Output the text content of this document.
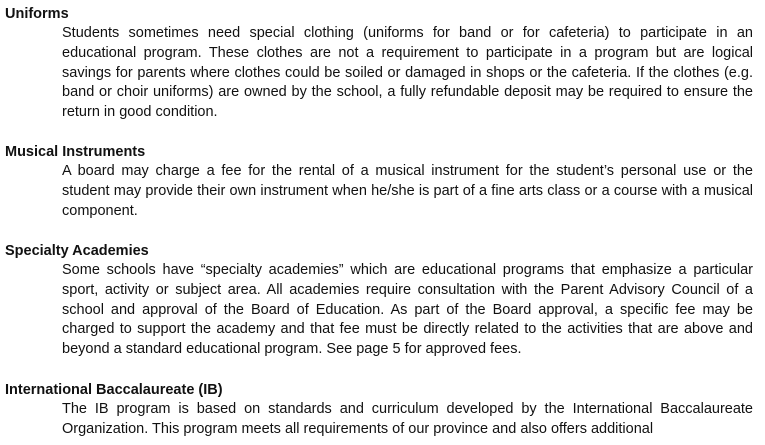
Uniforms

Students sometimes need special clothing (uniforms for band or for cafeteria) to participate in an educational program. These clothes are not a requirement to participate in a program but are logical savings for parents where clothes could be soiled or damaged in shops or the cafeteria. If the clothes (e.g. band or choir uniforms) are owned by the school, a fully refundable deposit may be required to ensure the return in good condition.

Musical Instruments

A board may charge a fee for the rental of a musical instrument for the student’s personal use or the student may provide their own instrument when he/she is part of a fine arts class or a course with a musical component.

Specialty Academies

Some schools have “specialty academies” which are educational programs that emphasize a particular sport, activity or subject area. All academies require consultation with the Parent Advisory Council of a school and approval of the Board of Education. As part of the Board approval, a specific fee may be charged to support the academy and that fee must be directly related to the activities that are above and beyond a standard educational program. See page 5 for approved fees.

International Baccalaureate (IB)

The IB program is based on standards and curriculum developed by the International Baccalaureate Organization. This program meets all requirements of our province and also offers additional
